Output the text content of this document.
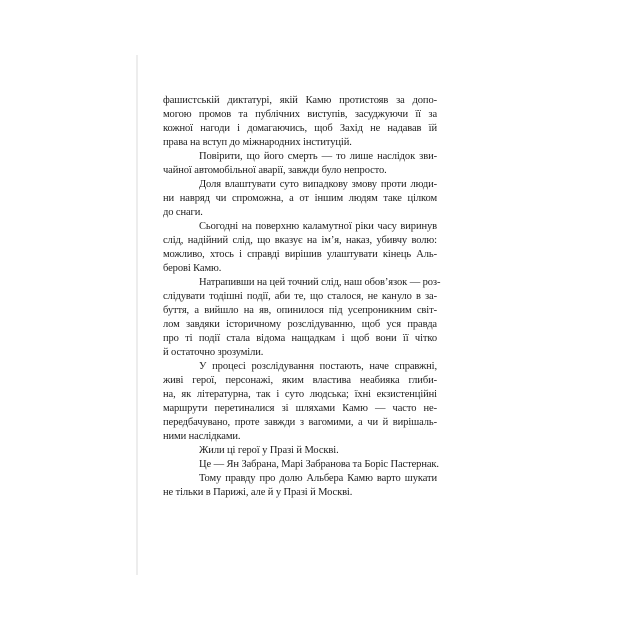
фашистській диктатурі, якій Камю протистояв за допо-
могою промов та публічних виступів, засуджуючи її за
кожної нагоди і домагаючись, щоб Захід не надавав їй
права на вступ до міжнародних інституцій.
Повірити, що його смерть — то лише наслідок зви-
чайної автомобільної аварії, завжди було непросто.
Доля влаштувати суто випадкову змову проти люди-
ни навряд чи спроможна, а от іншим людям таке цілком
до снаги.
Сьогодні на поверхню каламутної ріки часу виринув
слід, надійний слід, що вказує на ім’я, наказ, убивчу волю:
можливо, хтось і справді вирішив улаштувати кінець Аль-
берові Камю.
Натрапивши на цей точний слід, наш обов’язок — роз-
слідувати тодішні події, аби те, що сталося, не кануло в за-
буття, а вийшло на яв, опинилося під усепроникним світ-
лом завдяки історичному розслідуванню, щоб уся правда
про ті події стала відома нащадкам і щоб вони її чітко
й остаточно зрозуміли.
У процесі розслідування постають, наче справжні,
живі герої, персонажі, яким властива неабияка глиби-
на, як літературна, так і суто людська; їхні екзистенційні
маршрути перетиналися зі шляхами Камю — часто не-
передбачувано, проте завжди з вагомими, а чи й вирішаль-
ними наслідками.
Жили ці герої у Празі й Москві.
Це — Ян Забрана, Марі Забранова та Боріс Пастернак.
Тому правду про долю Альбера Камю варто шукати
не тільки в Парижі, але й у Празі й Москві.
